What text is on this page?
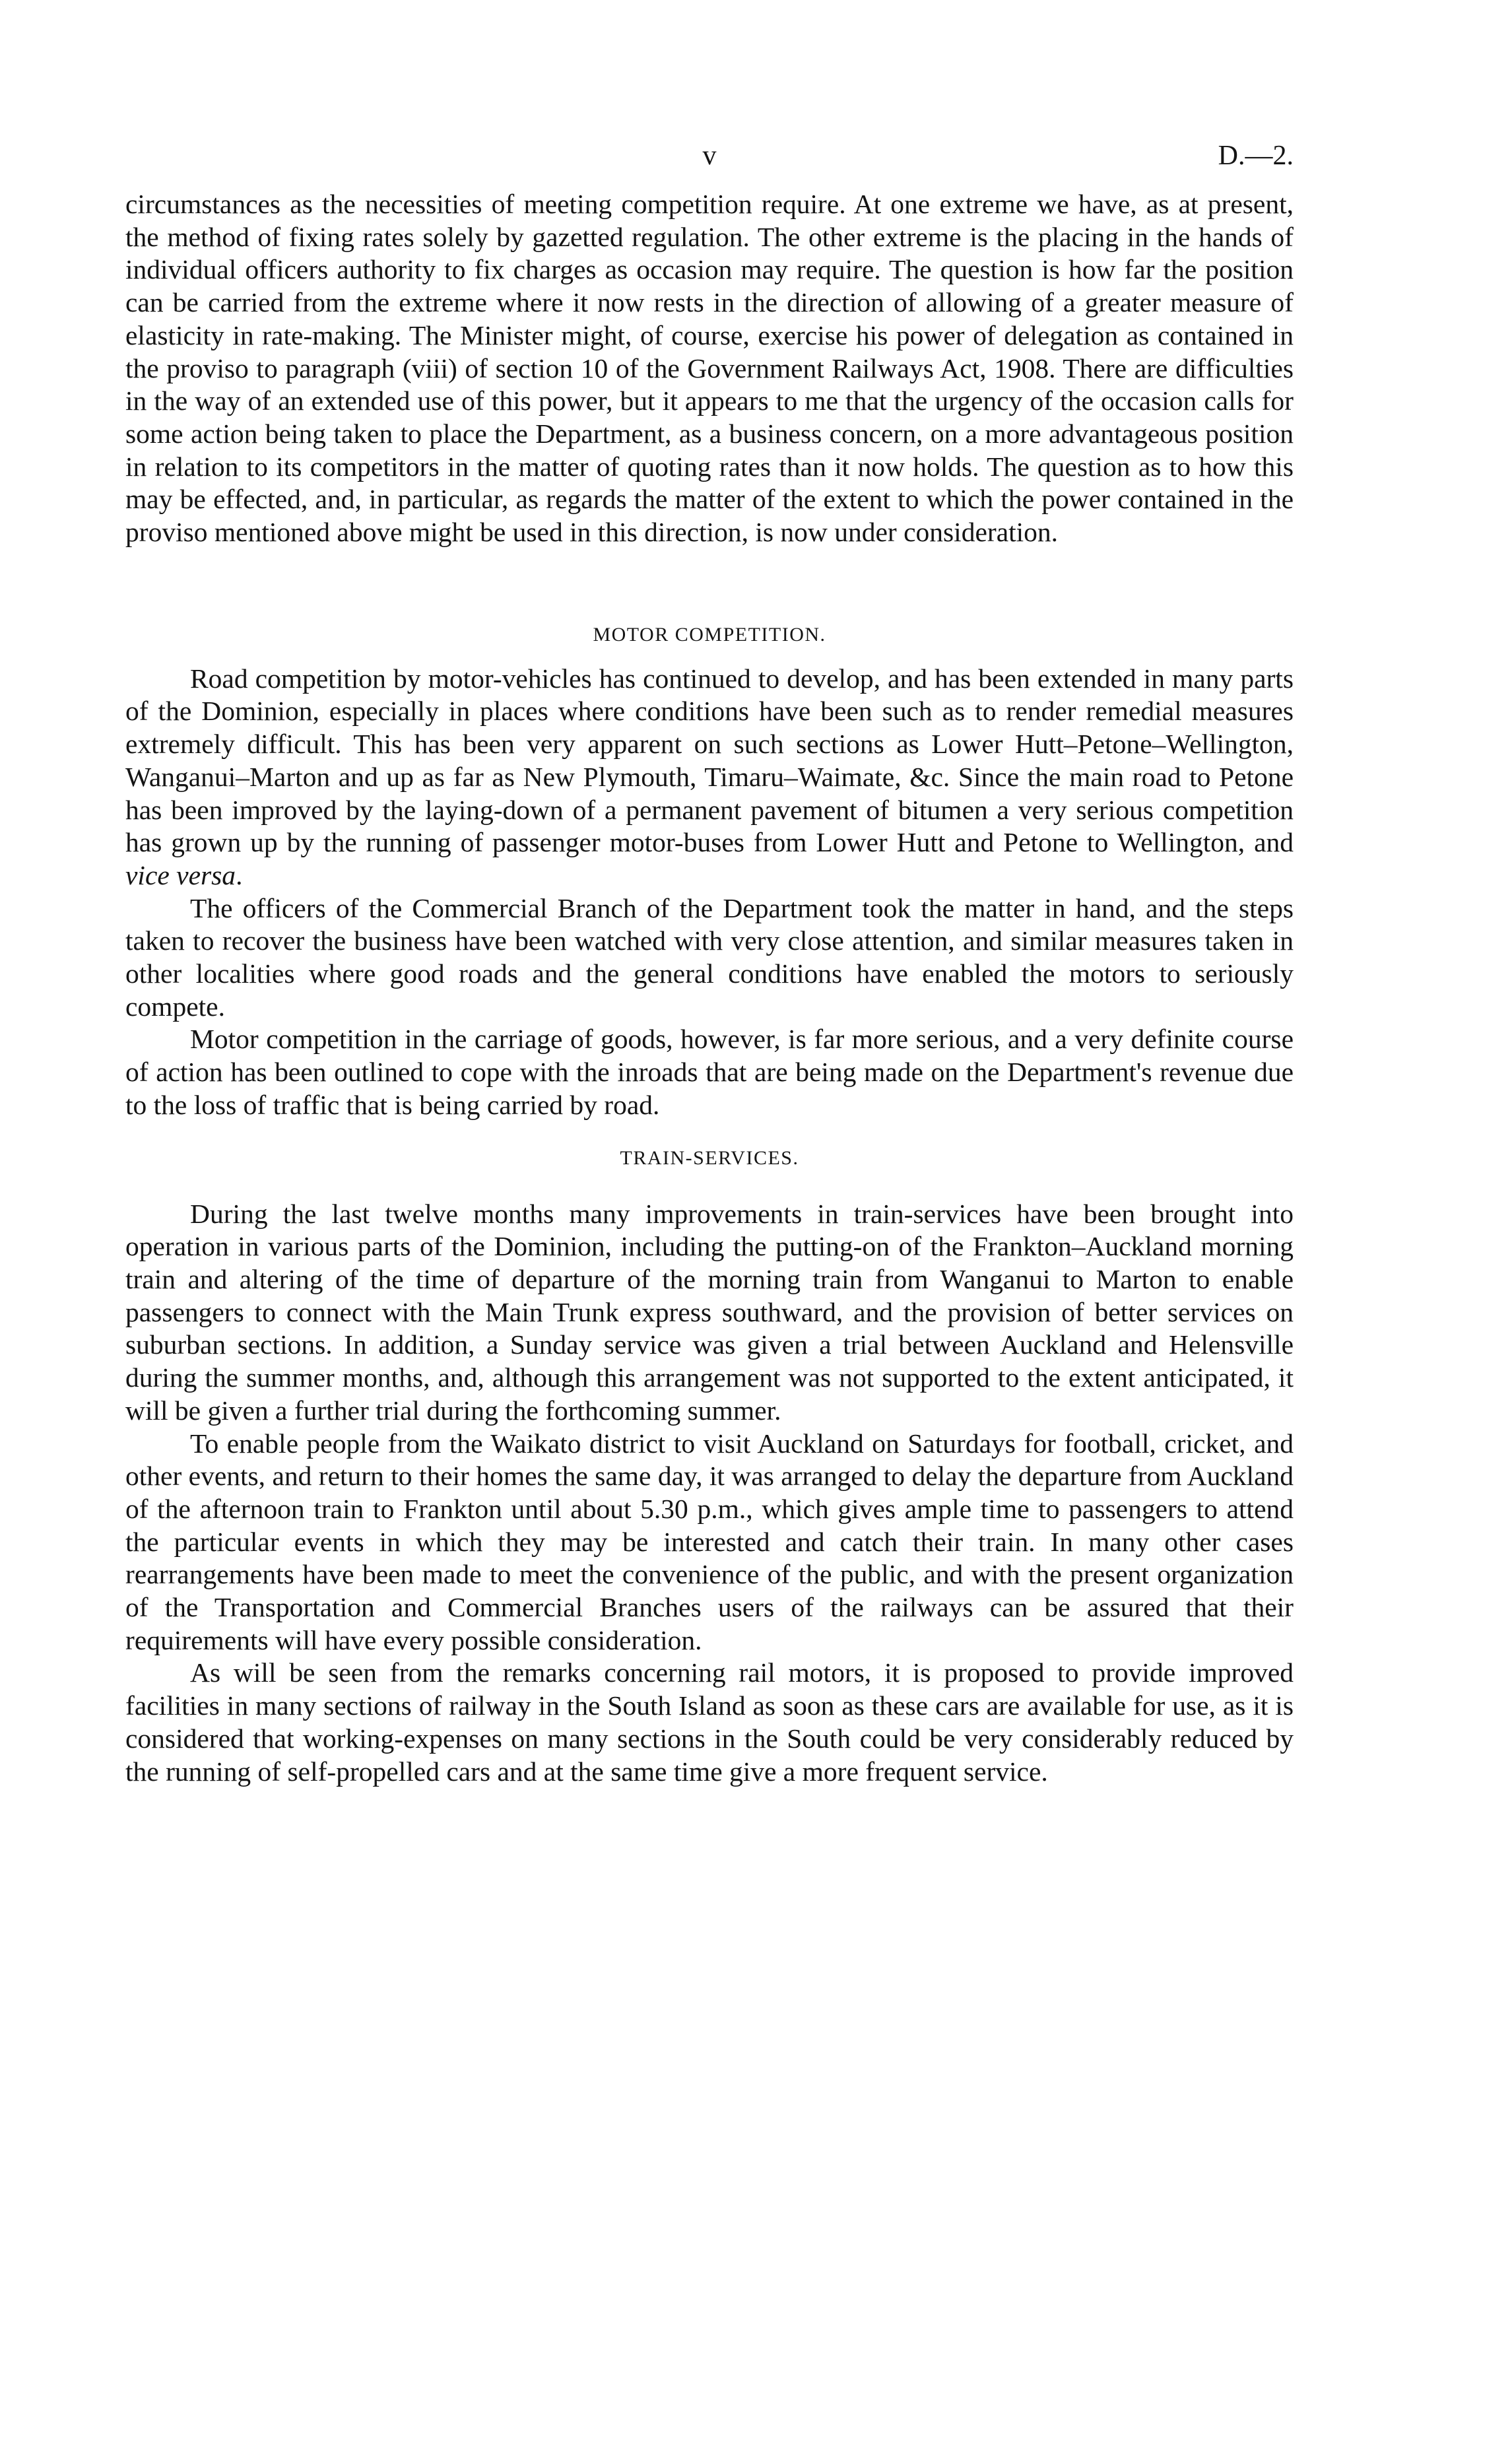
v	D.—2.

circumstances as the necessities of meeting competition require. At one extreme we have, as at present, the method of fixing rates solely by gazetted regulation. The other extreme is the placing in the hands of individual officers authority to fix charges as occasion may require. The question is how far the position can be carried from the extreme where it now rests in the direction of allowing of a greater measure of elasticity in rate-making. The Minister might, of course, exercise his power of delegation as contained in the proviso to paragraph (viii) of section 10 of the Government Railways Act, 1908. There are difficulties in the way of an extended use of this power, but it appears to me that the urgency of the occasion calls for some action being taken to place the Department, as a business concern, on a more advantageous position in relation to its competitors in the matter of quoting rates than it now holds. The question as to how this may be effected, and, in particular, as regards the matter of the extent to which the power contained in the proviso mentioned above might be used in this direction, is now under consideration.

MOTOR COMPETITION.

Road competition by motor-vehicles has continued to develop, and has been extended in many parts of the Dominion, especially in places where conditions have been such as to render remedial measures extremely difficult. This has been very apparent on such sections as Lower Hutt–Petone–Wellington, Wanganui–Marton and up as far as New Plymouth, Timaru–Waimate, &c. Since the main road to Petone has been improved by the laying-down of a permanent pavement of bitumen a very serious competition has grown up by the running of passenger motor-buses from Lower Hutt and Petone to Wellington, and vice versa.

The officers of the Commercial Branch of the Department took the matter in hand, and the steps taken to recover the business have been watched with very close attention, and similar measures taken in other localities where good roads and the general conditions have enabled the motors to seriously compete.

Motor competition in the carriage of goods, however, is far more serious, and a very definite course of action has been outlined to cope with the inroads that are being made on the Department's revenue due to the loss of traffic that is being carried by road.

TRAIN-SERVICES.

During the last twelve months many improvements in train-services have been brought into operation in various parts of the Dominion, including the putting-on of the Frankton–Auckland morning train and altering of the time of departure of the morning train from Wanganui to Marton to enable passengers to connect with the Main Trunk express southward, and the provision of better services on suburban sections. In addition, a Sunday service was given a trial between Auckland and Helensville during the summer months, and, although this arrangement was not supported to the extent anticipated, it will be given a further trial during the forthcoming summer.

To enable people from the Waikato district to visit Auckland on Saturdays for football, cricket, and other events, and return to their homes the same day, it was arranged to delay the departure from Auckland of the afternoon train to Frankton until about 5.30 p.m., which gives ample time to passengers to attend the particular events in which they may be interested and catch their train. In many other cases rearrangements have been made to meet the convenience of the public, and with the present organization of the Transportation and Commercial Branches users of the railways can be assured that their requirements will have every possible consideration.

As will be seen from the remarks concerning rail motors, it is proposed to provide improved facilities in many sections of railway in the South Island as soon as these cars are available for use, as it is considered that working-expenses on many sections in the South could be very considerably reduced by the running of self-propelled cars and at the same time give a more frequent service.
